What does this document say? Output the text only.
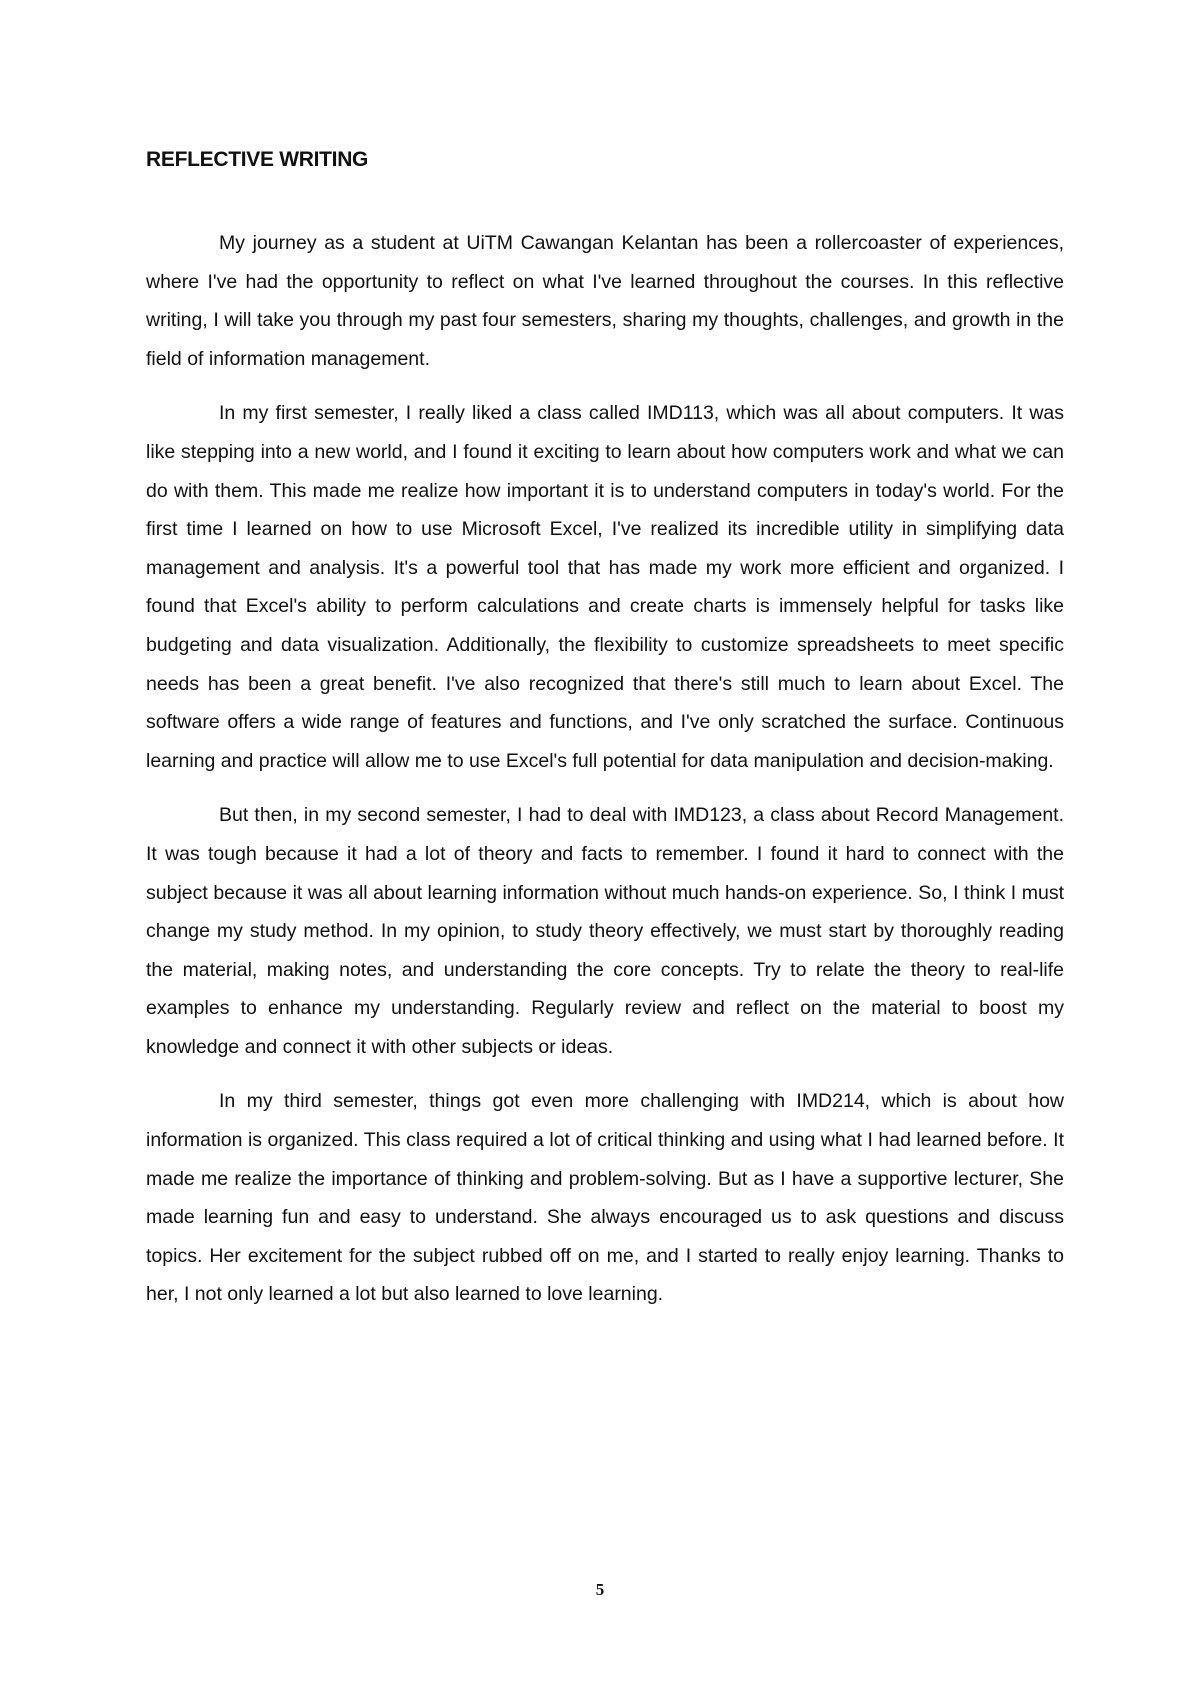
REFLECTIVE WRITING

My journey as a student at UiTM Cawangan Kelantan has been a rollercoaster of experiences, where I've had the opportunity to reflect on what I've learned throughout the courses. In this reflective writing, I will take you through my past four semesters, sharing my thoughts, challenges, and growth in the field of information management.

In my first semester, I really liked a class called IMD113, which was all about computers. It was like stepping into a new world, and I found it exciting to learn about how computers work and what we can do with them. This made me realize how important it is to understand computers in today's world. For the first time I learned on how to use Microsoft Excel, I've realized its incredible utility in simplifying data management and analysis. It's a powerful tool that has made my work more efficient and organized. I found that Excel's ability to perform calculations and create charts is immensely helpful for tasks like budgeting and data visualization. Additionally, the flexibility to customize spreadsheets to meet specific needs has been a great benefit. I've also recognized that there's still much to learn about Excel. The software offers a wide range of features and functions, and I've only scratched the surface. Continuous learning and practice will allow me to use Excel's full potential for data manipulation and decision-making.

But then, in my second semester, I had to deal with IMD123, a class about Record Management. It was tough because it had a lot of theory and facts to remember. I found it hard to connect with the subject because it was all about learning information without much hands-on experience. So, I think I must change my study method. In my opinion, to study theory effectively, we must start by thoroughly reading the material, making notes, and understanding the core concepts. Try to relate the theory to real-life examples to enhance my understanding. Regularly review and reflect on the material to boost my knowledge and connect it with other subjects or ideas.

In my third semester, things got even more challenging with IMD214, which is about how information is organized. This class required a lot of critical thinking and using what I had learned before. It made me realize the importance of thinking and problem-solving. But as I have a supportive lecturer, She made learning fun and easy to understand. She always encouraged us to ask questions and discuss topics. Her excitement for the subject rubbed off on me, and I started to really enjoy learning. Thanks to her, I not only learned a lot but also learned to love learning.

5
